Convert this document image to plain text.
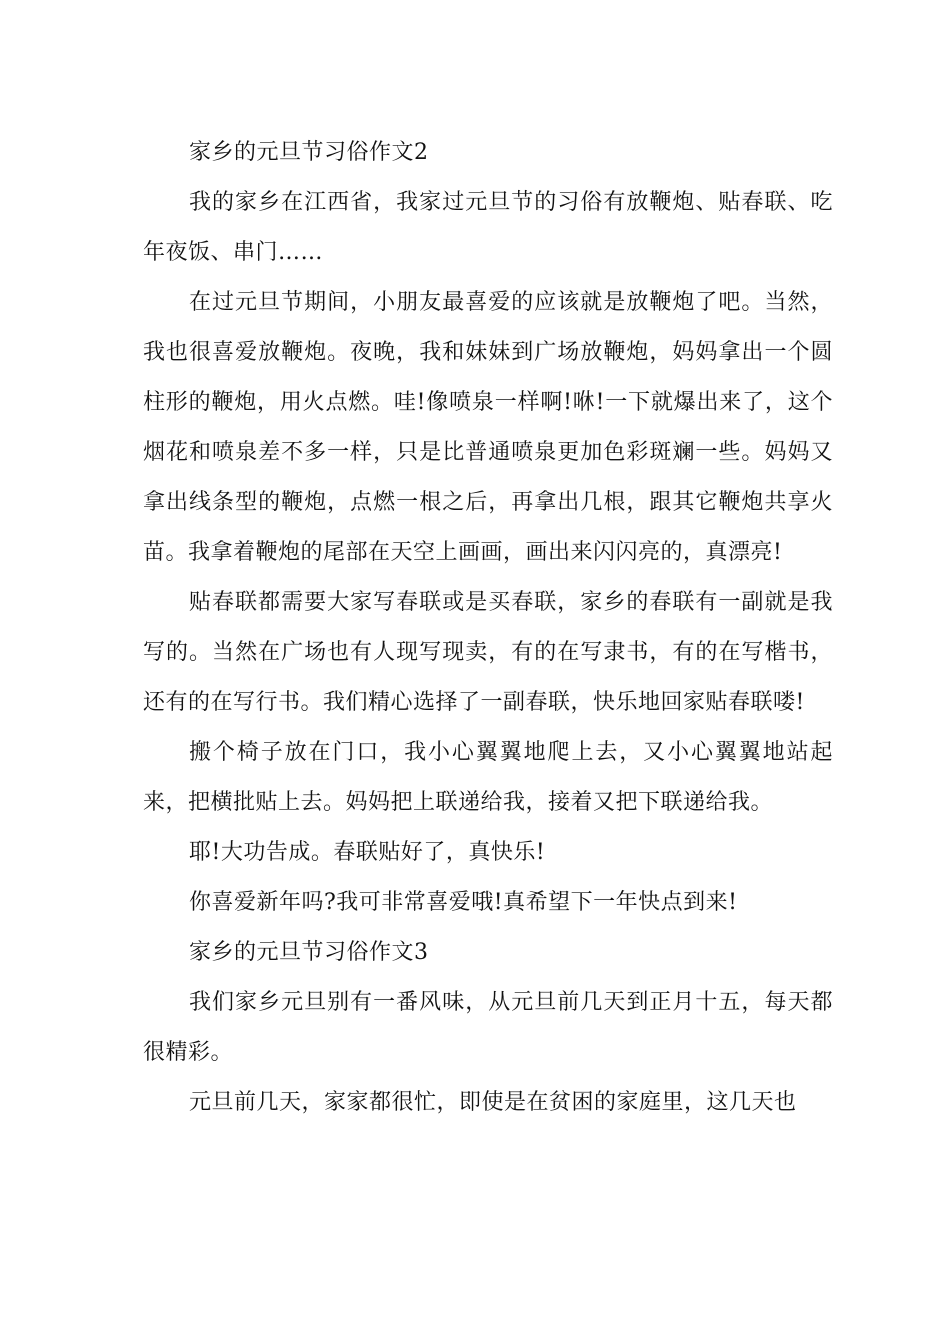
家乡的元旦节习俗作文2

我的家乡在江西省，我家过元旦节的习俗有放鞭炮、贴春联、吃年夜饭、串门……

在过元旦节期间，小朋友最喜爱的应该就是放鞭炮了吧。当然，我也很喜爱放鞭炮。夜晚，我和妹妹到广场放鞭炮，妈妈拿出一个圆柱形的鞭炮，用火点燃。哇!像喷泉一样啊!咻!一下就爆出来了，这个烟花和喷泉差不多一样，只是比普通喷泉更加色彩斑斓一些。妈妈又拿出线条型的鞭炮，点燃一根之后，再拿出几根，跟其它鞭炮共享火苗。我拿着鞭炮的尾部在天空上画画，画出来闪闪亮的，真漂亮!

贴春联都需要大家写春联或是买春联，家乡的春联有一副就是我写的。当然在广场也有人现写现卖，有的在写隶书，有的在写楷书，还有的在写行书。我们精心选择了一副春联，快乐地回家贴春联喽!

搬个椅子放在门口，我小心翼翼地爬上去，又小心翼翼地站起来，把横批贴上去。妈妈把上联递给我，接着又把下联递给我。

耶!大功告成。春联贴好了，真快乐!

你喜爱新年吗?我可非常喜爱哦!真希望下一年快点到来!

家乡的元旦节习俗作文3

我们家乡元旦别有一番风味，从元旦前几天到正月十五，每天都很精彩。

元旦前几天，家家都很忙，即使是在贫困的家庭里，这几天也
